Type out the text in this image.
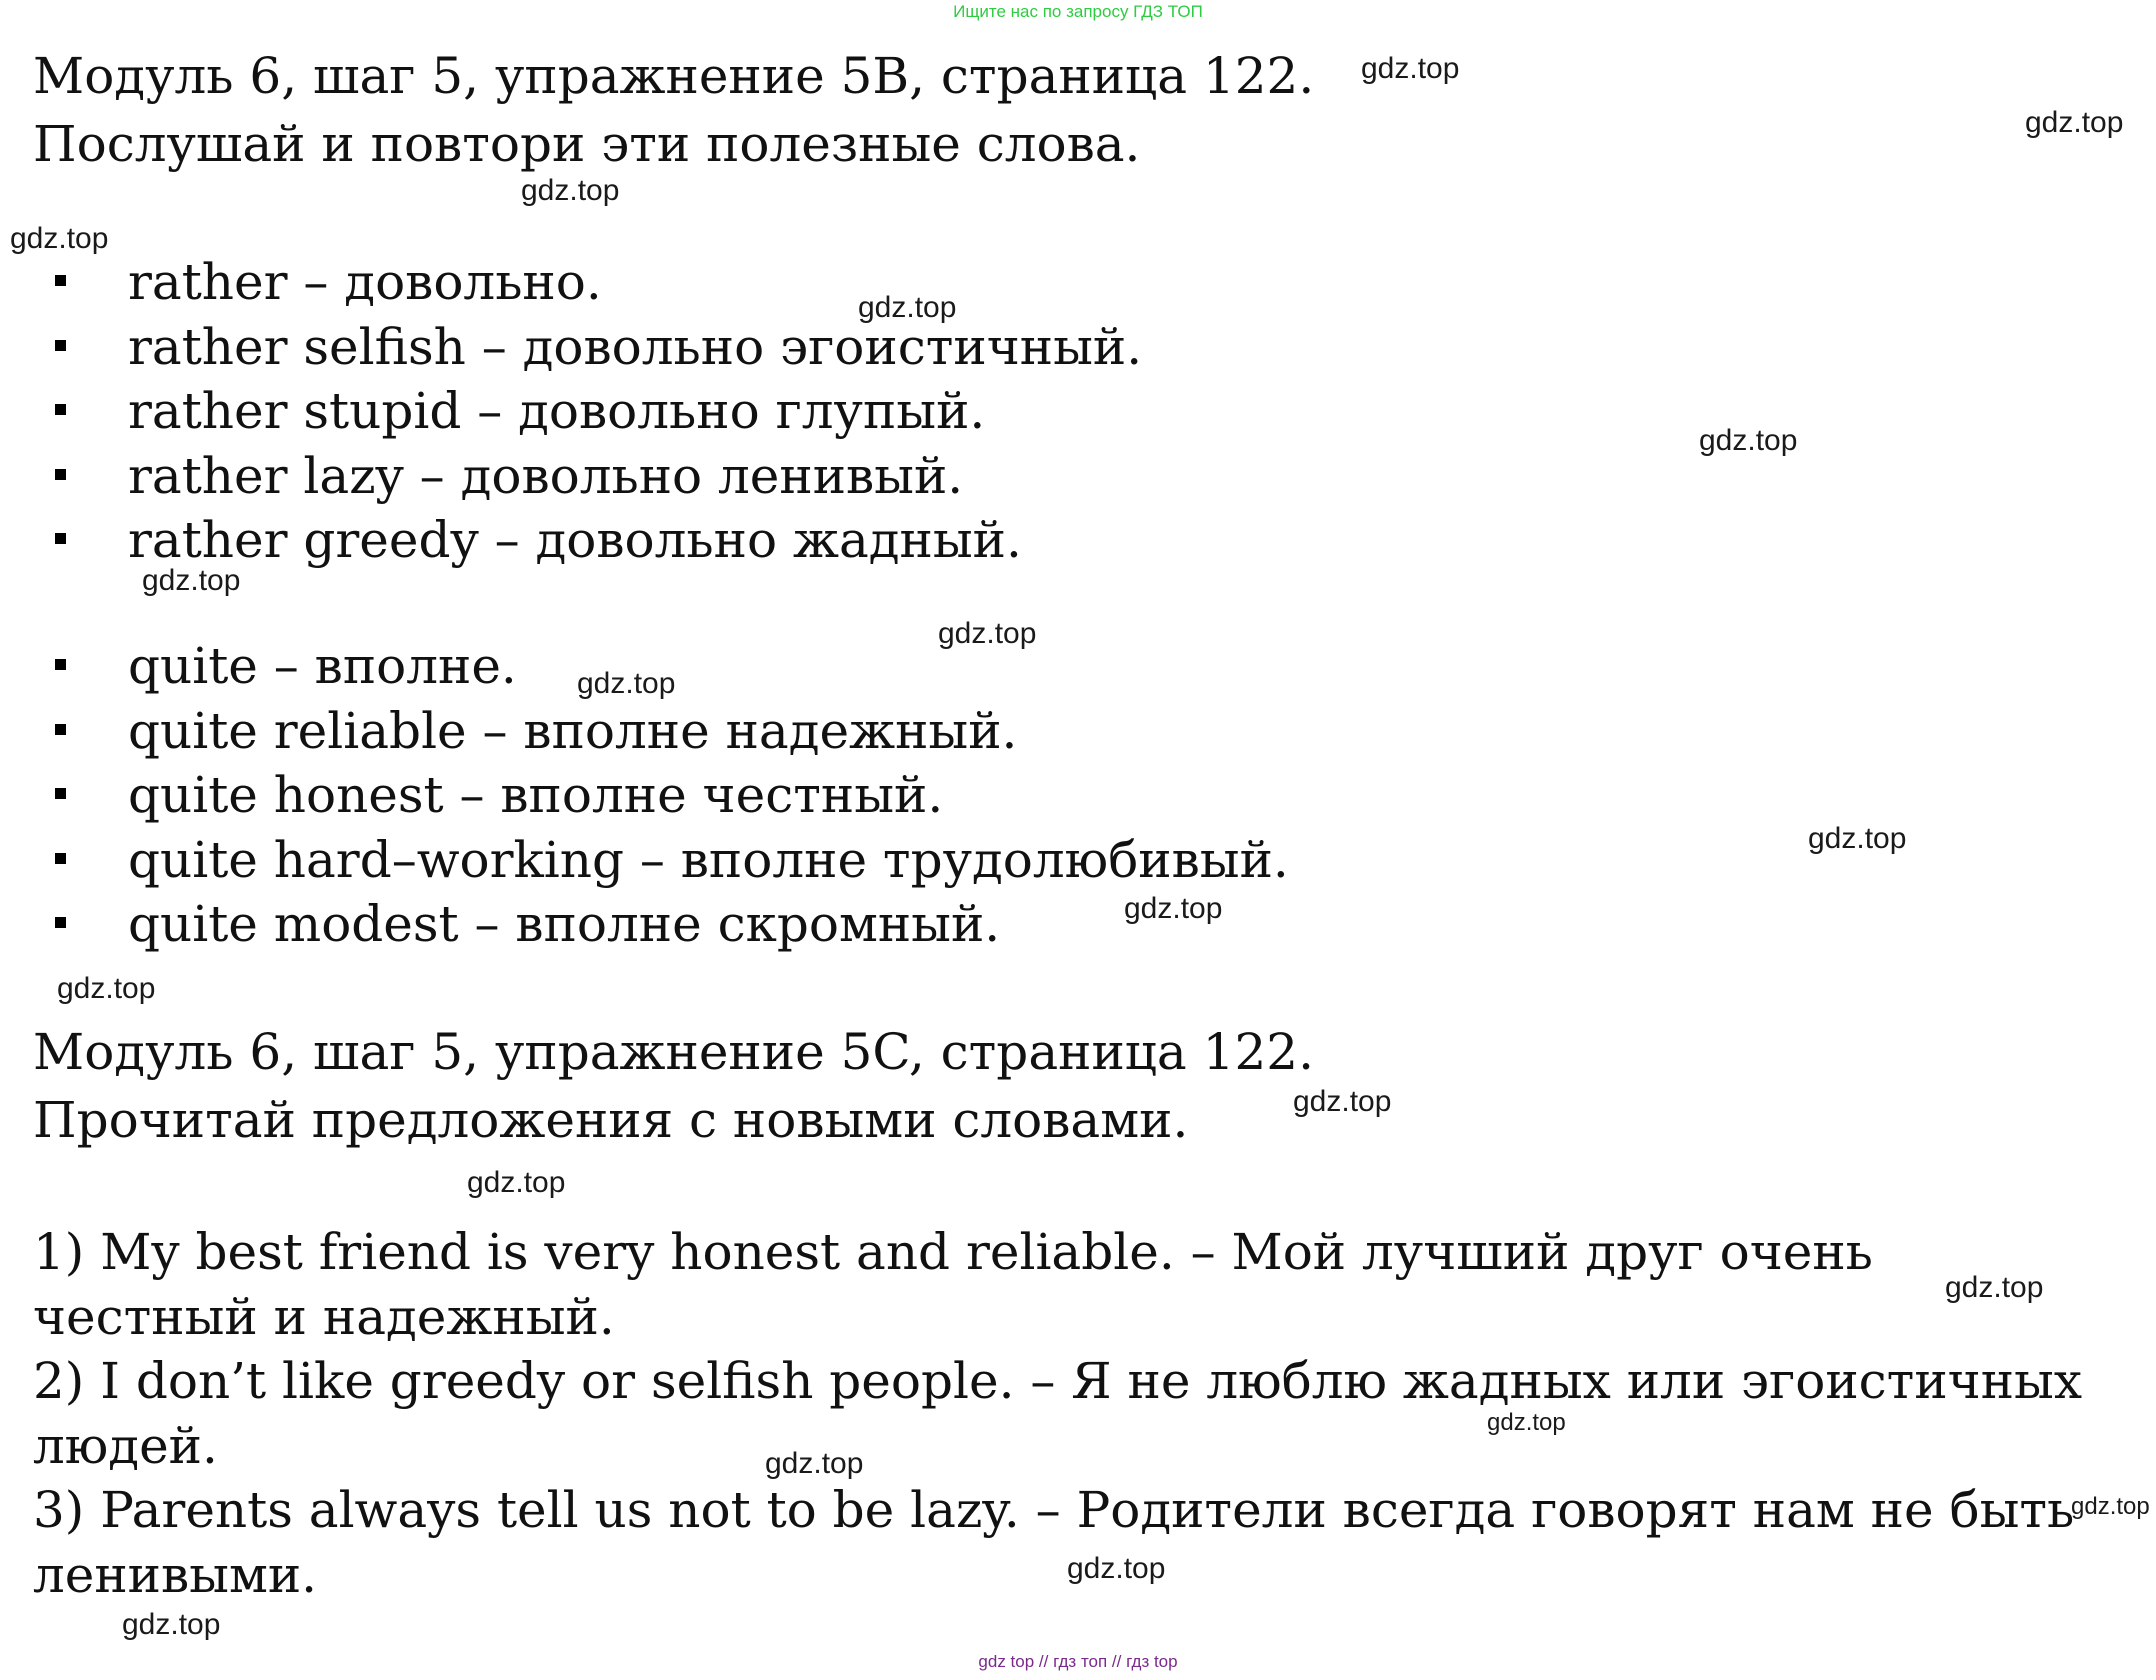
Ищите нас по запросу ГДЗ ТОП
Модуль 6, шаг 5, упражнение 5B, страница 122.

Послушай и повтори эти полезные слова.

rather – довольно.
rather selfish – довольно эгоистичный.
rather stupid – довольно глупый.
rather lazy – довольно ленивый.
rather greedy – довольно жадный.
quite – вполне.
quite reliable – вполне надежный.
quite honest – вполне честный.
quite hard–working – вполне трудолюбивый.
quite modest – вполне скромный.
Модуль 6, шаг 5, упражнение 5C, страница 122.

Прочитай предложения с новыми словами.

1) My best friend is very honest and reliable. – Мой лучший друг очень честный и надежный.
2) I don’t like greedy or selfish people. – Я не люблю жадных или эгоистичных людей.
3) Parents always tell us not to be lazy. – Родители всегда говорят нам не быть ленивыми.
gdz.top
gdz.top
gdz.top
gdz.top
gdz.top
gdz.top
gdz.top
gdz.top
gdz.top
gdz.top
gdz.top
gdz.top
gdz.top
gdz.top
gdz.top
gdz.top
gdz.top
gdz.top
gdz.top
gdz.top
gdz top // гдз топ // гдз top
